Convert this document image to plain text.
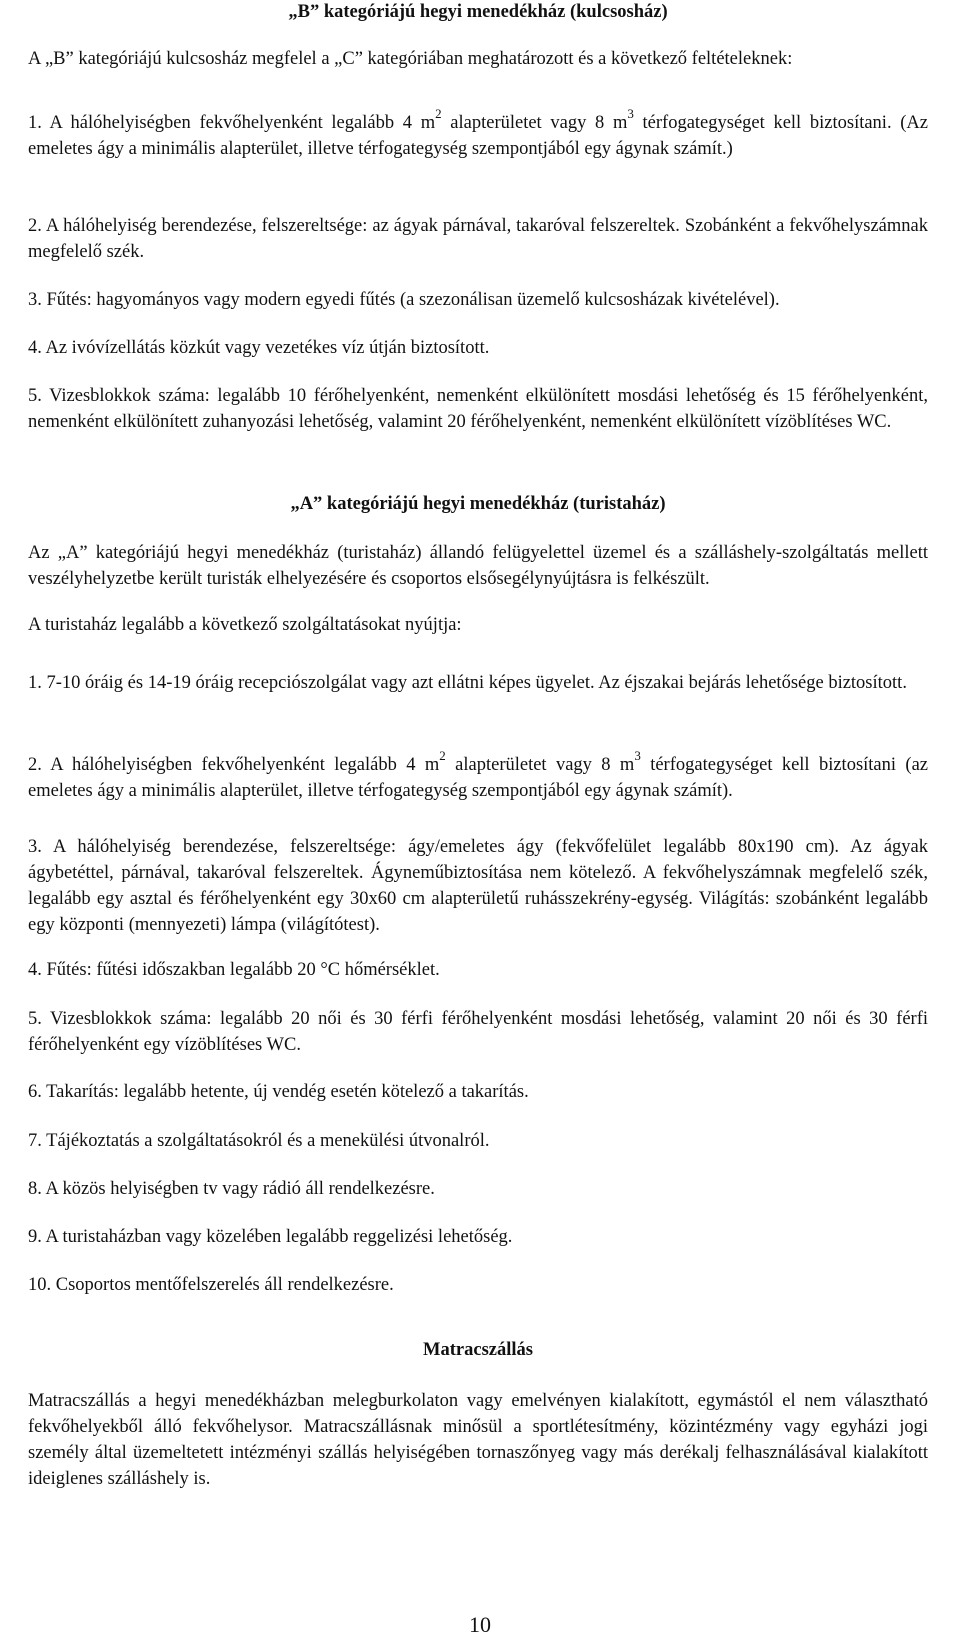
„B” kategóriájú hegyi menedékház (kulcsosház)

A „B” kategóriájú kulcsosház megfelel a „C” kategóriában meghatározott és a következő feltételeknek:

1. A hálóhelyiségben fekvőhelyenként legalább 4 $m^2$ alapterületet vagy 8 $m^3$ térfogategységet kell biztosítani. (Az emeletes ágy a minimális alapterület, illetve térfogategység szempontjából egy ágynak számít.)

2. A hálóhelyiség berendezése, felszereltsége: az ágyak párnával, takaróval felszereltek. Szobánként a fekvőhelyszámnak megfelelő szék.

3. Fűtés: hagyományos vagy modern egyedi fűtés (a szezonálisan üzemelő kulcsosházak kivételével).

4. Az ivóvízellátás közkút vagy vezetékes víz útján biztosított.

5. Vizesblokkok száma: legalább 10 férőhelyenként, nemenként elkülönített mosdási lehetőség és 15 férőhelyenként, nemenként elkülönített zuhanyozási lehetőség, valamint 20 férőhelyenként, nemenként elkülönített vízöblítéses WC.

„A” kategóriájú hegyi menedékház (turistaház)

Az „A” kategóriájú hegyi menedékház (turistaház) állandó felügyelettel üzemel és a szálláshely-szolgáltatás mellett veszélyhelyzetbe került turisták elhelyezésére és csoportos elsősegélynyújtásra is felkészült.

A turistaház legalább a következő szolgáltatásokat nyújtja:

1. 7-10 óráig és 14-19 óráig recepciószolgálat vagy azt ellátni képes ügyelet. Az éjszakai bejárás lehetősége biztosított.

2. A hálóhelyiségben fekvőhelyenként legalább 4 $m^2$ alapterületet vagy 8 $m^3$ térfogategységet kell biztosítani (az emeletes ágy a minimális alapterület, illetve térfogategység szempontjából egy ágynak számít).

3. A hálóhelyiség berendezése, felszereltsége: ágy/emeletes ágy (fekvőfelület legalább 80x190 cm). Az ágyak ágybetéttel, párnával, takaróval felszereltek. Ágyneműbiztosítása nem kötelező. A fekvőhelyszámnak megfelelő szék, legalább egy asztal és férőhelyenként egy 30x60 cm alapterületű ruhásszekrény-egység. Világítás: szobánként legalább egy központi (mennyezeti) lámpa (világítótest).

4. Fűtés: fűtési időszakban legalább 20 °C hőmérséklet.

5. Vizesblokkok száma: legalább 20 női és 30 férfi férőhelyenként mosdási lehetőség, valamint 20 női és 30 férfi férőhelyenként egy vízöblítéses WC.

6. Takarítás: legalább hetente, új vendég esetén kötelező a takarítás.

7. Tájékoztatás a szolgáltatásokról és a menekülési útvonalról.

8. A közös helyiségben tv vagy rádió áll rendelkezésre.

9. A turistaházban vagy közelében legalább reggelizési lehetőség.

10. Csoportos mentőfelszerelés áll rendelkezésre.

Matracszállás

Matracszállás a hegyi menedékházban melegburkolaton vagy emelvényen kialakított, egymástól el nem választható fekvőhelyekből álló fekvőhelysor. Matracszállásnak minősül a sportlétesítmény, közintézmény vagy egyházi jogi személy által üzemeltetett intézményi szállás helyiségében tornaszőnyeg vagy más derékalj felhasználásával kialakított ideiglenes szálláshely is.

10
